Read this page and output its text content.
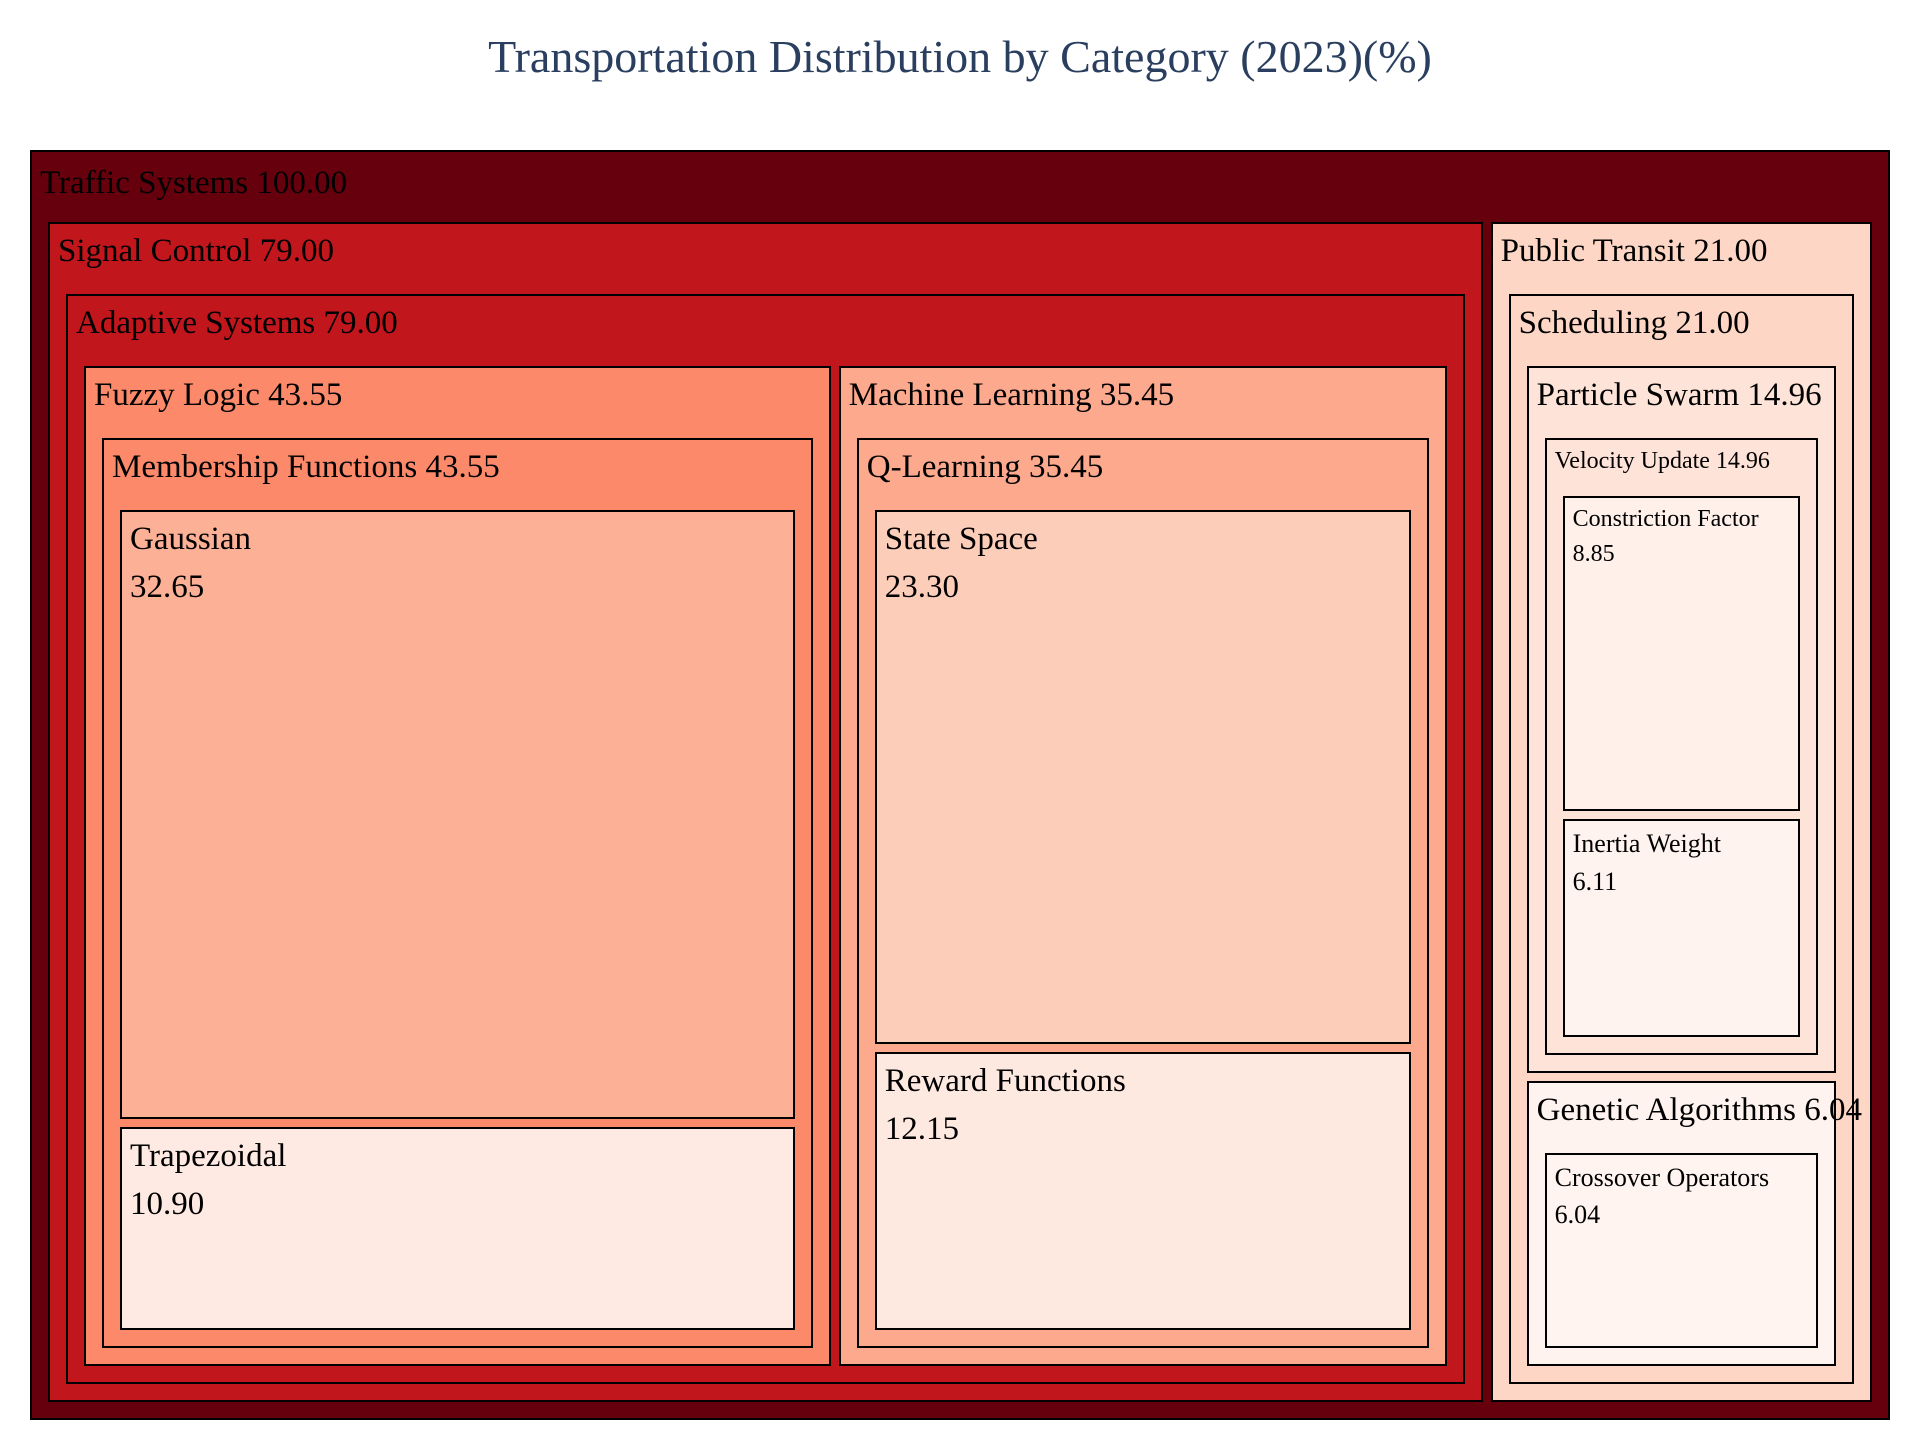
Transportation Distribution by Category (2023)(%)
Traffic Systems 100.00
Signal Control 79.00
Adaptive Systems 79.00
Fuzzy Logic 43.55
Membership Functions 43.55
Gaussian
32.65
Trapezoidal
10.90
Machine Learning 35.45
Q-Learning 35.45
State Space
23.30
Reward Functions
12.15
Public Transit 21.00
Scheduling 21.00
Particle Swarm 14.96
Velocity Update 14.96
Constriction Factor
8.85
Inertia Weight
6.11
Genetic Algorithms 6.04
Crossover Operators
6.04
